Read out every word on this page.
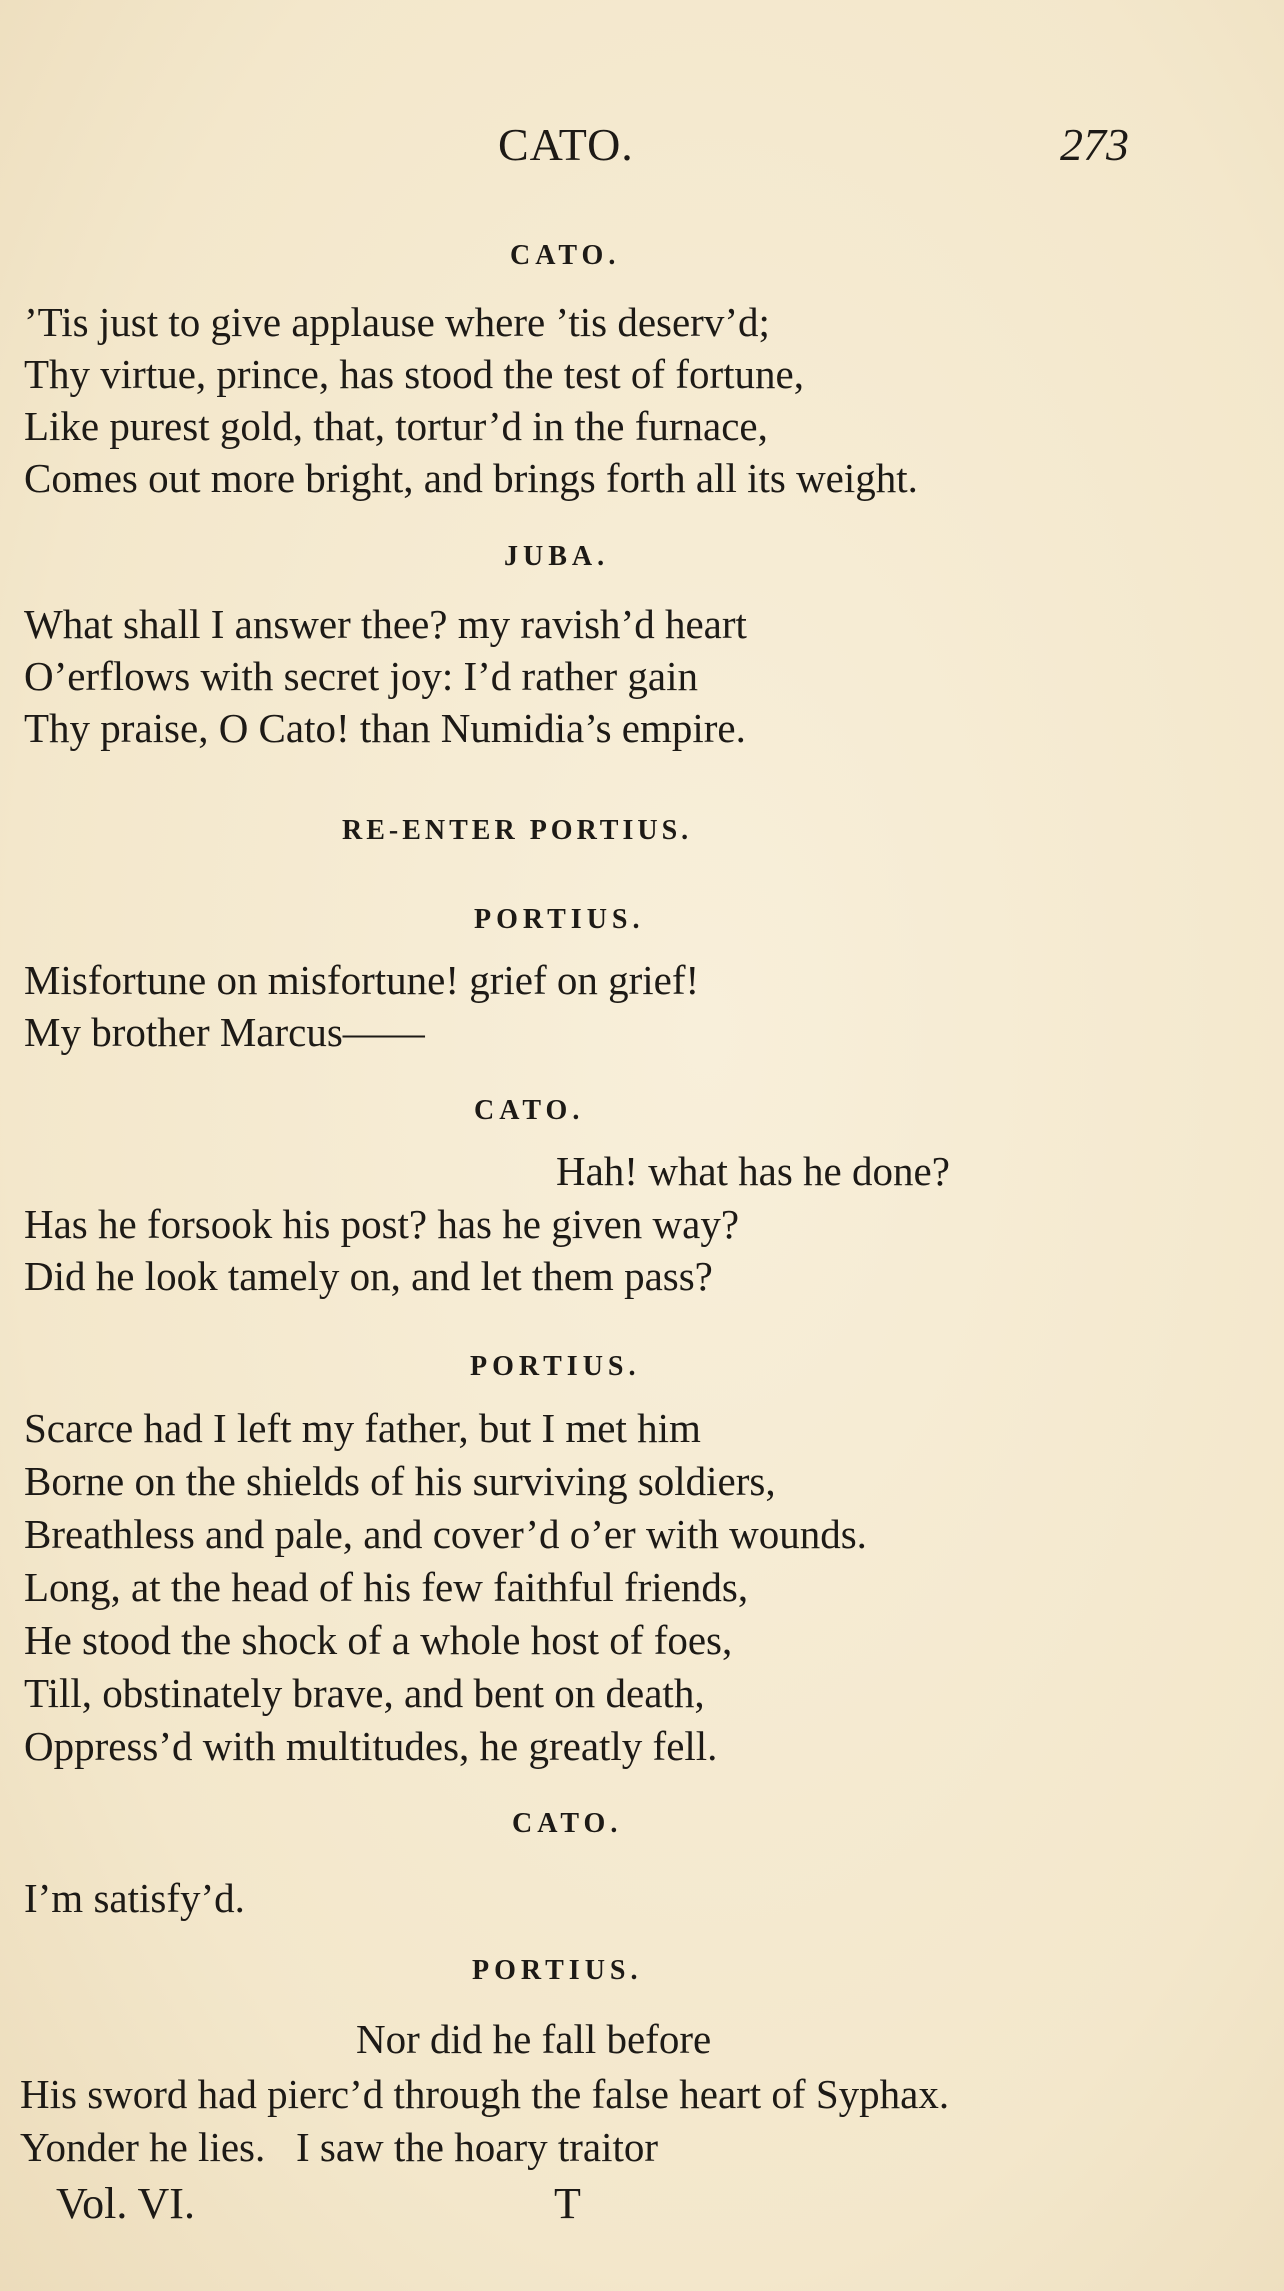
CATO.	273
CATO.
’Tis just to give applause where ’tis deserv’d;
Thy virtue, prince, has stood the test of fortune,
Like purest gold, that, tortur’d in the furnace,
Comes out more bright, and brings forth all its weight.
JUBA.
What shall I answer thee? my ravish’d heart
O’erflows with secret joy: I’d rather gain
Thy praise, O Cato! than Numidia’s empire.
RE-ENTER PORTIUS.
PORTIUS.
Misfortune on misfortune! grief on grief!
My brother Marcus——
CATO.
Hah! what has he done?
Has he forsook his post? has he given way?
Did he look tamely on, and let them pass?
PORTIUS.
Scarce had I left my father, but I met him
Borne on the shields of his surviving soldiers,
Breathless and pale, and cover’d o’er with wounds.
Long, at the head of his few faithful friends,
He stood the shock of a whole host of foes,
Till, obstinately brave, and bent on death,
Oppress’d with multitudes, he greatly fell.
CATO.
I’m satisfy’d.
PORTIUS.
Nor did he fall before
His sword had pierc’d through the false heart of Syphax.
Yonder he lies.   I saw the hoary traitor
Vol. VI.	T
